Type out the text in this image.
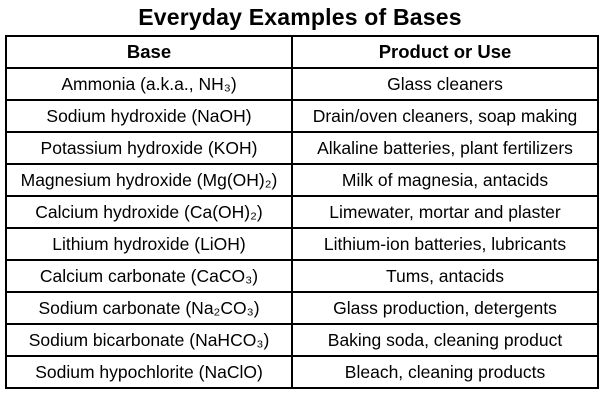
Everyday Examples of Bases
Base	Product or Use
Ammonia (a.k.a., NH₃)	Glass cleaners
Sodium hydroxide (NaOH)	Drain/oven cleaners, soap making
Potassium hydroxide (KOH)	Alkaline batteries, plant fertilizers
Magnesium hydroxide (Mg(OH)₂)	Milk of magnesia, antacids
Calcium hydroxide (Ca(OH)₂)	Limewater, mortar and plaster
Lithium hydroxide (LiOH)	Lithium-ion batteries, lubricants
Calcium carbonate (CaCO₃)	Tums, antacids
Sodium carbonate (Na₂CO₃)	Glass production, detergents
Sodium bicarbonate (NaHCO₃)	Baking soda, cleaning product
Sodium hypochlorite (NaClO)	Bleach, cleaning products
